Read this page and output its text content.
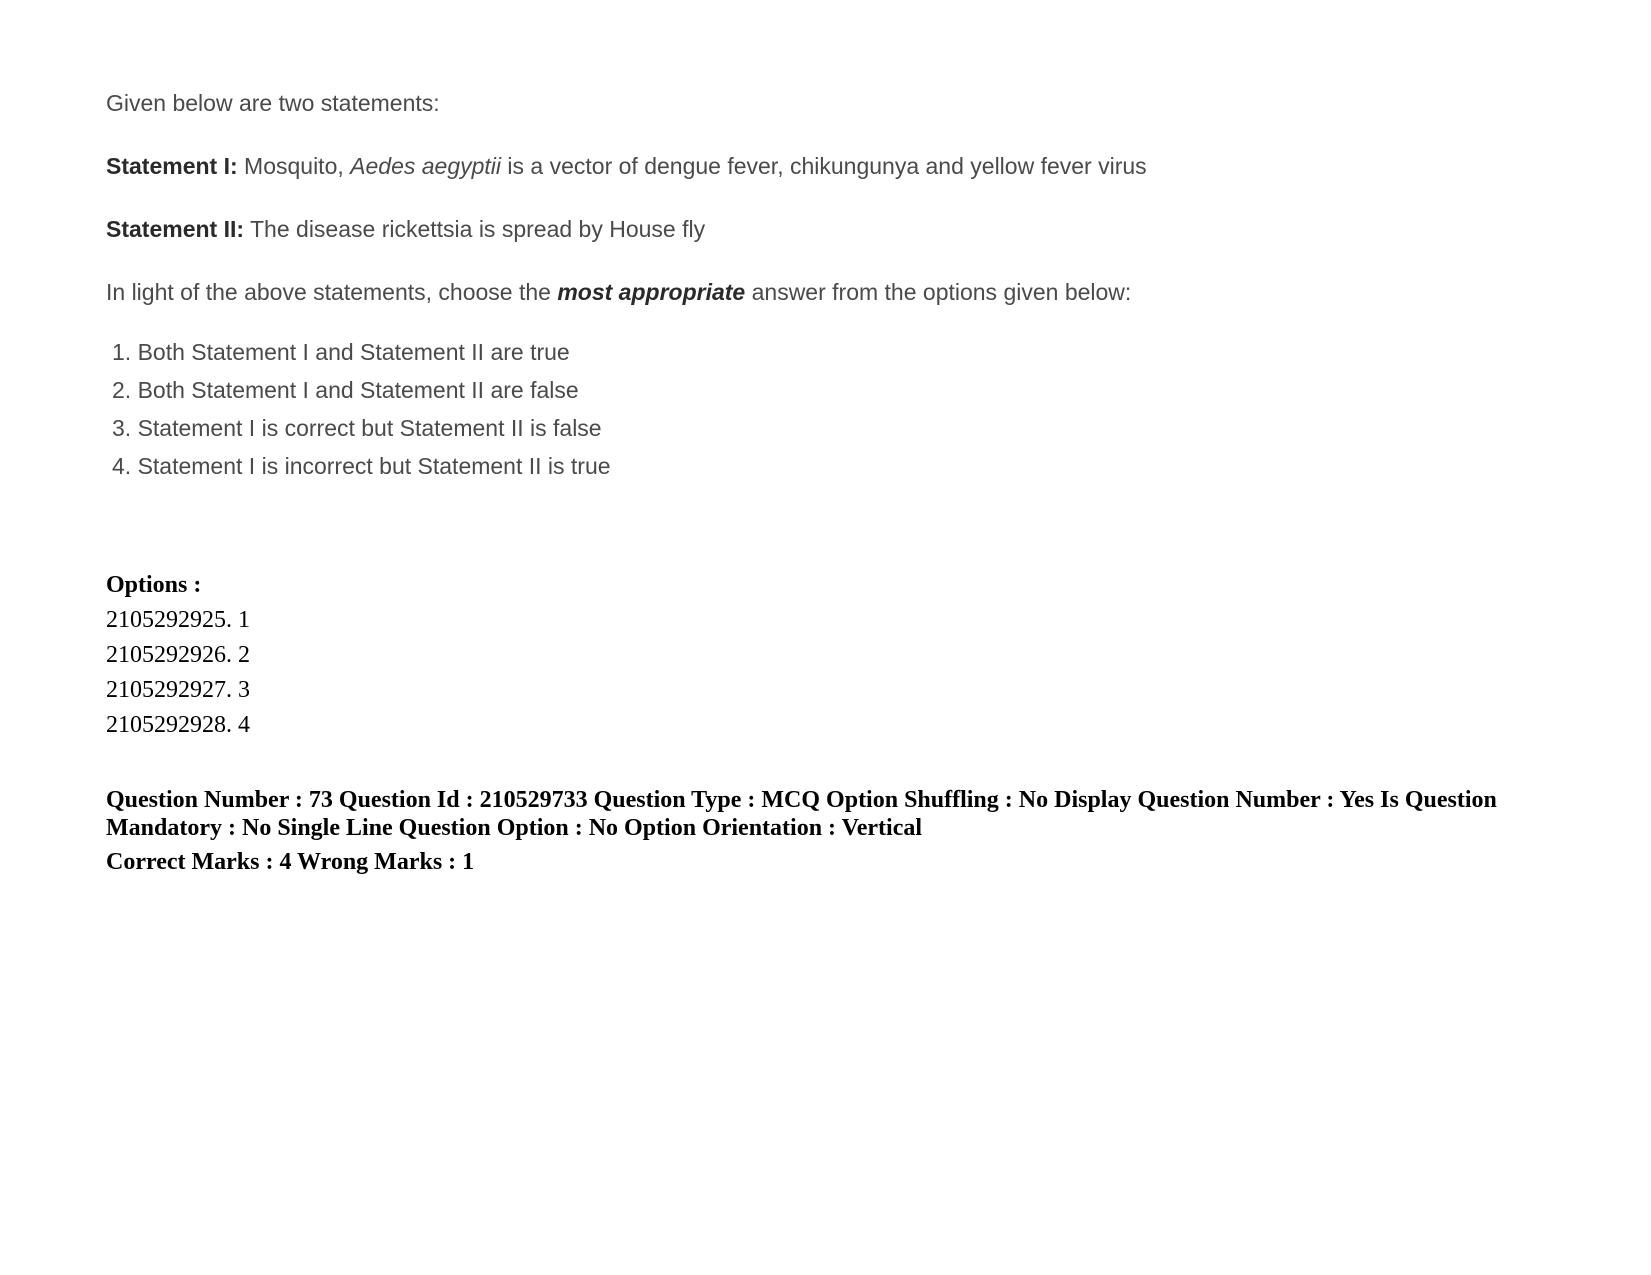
Given below are two statements:

Statement I: Mosquito, Aedes aegyptii is a vector of dengue fever, chikungunya and yellow fever virus

Statement II: The disease rickettsia is spread by House fly

In light of the above statements, choose the most appropriate answer from the options given below:

1. Both Statement I and Statement II are true
2. Both Statement I and Statement II are false
3. Statement I is correct but Statement II is false
4. Statement I is incorrect but Statement II is true
Options :
2105292925. 1
2105292926. 2
2105292927. 3
2105292928. 4
Question Number : 73 Question Id : 210529733 Question Type : MCQ Option Shuffling : No Display Question Number : Yes Is Question Mandatory : No Single Line Question Option : No Option Orientation : Vertical
Correct Marks : 4 Wrong Marks : 1
